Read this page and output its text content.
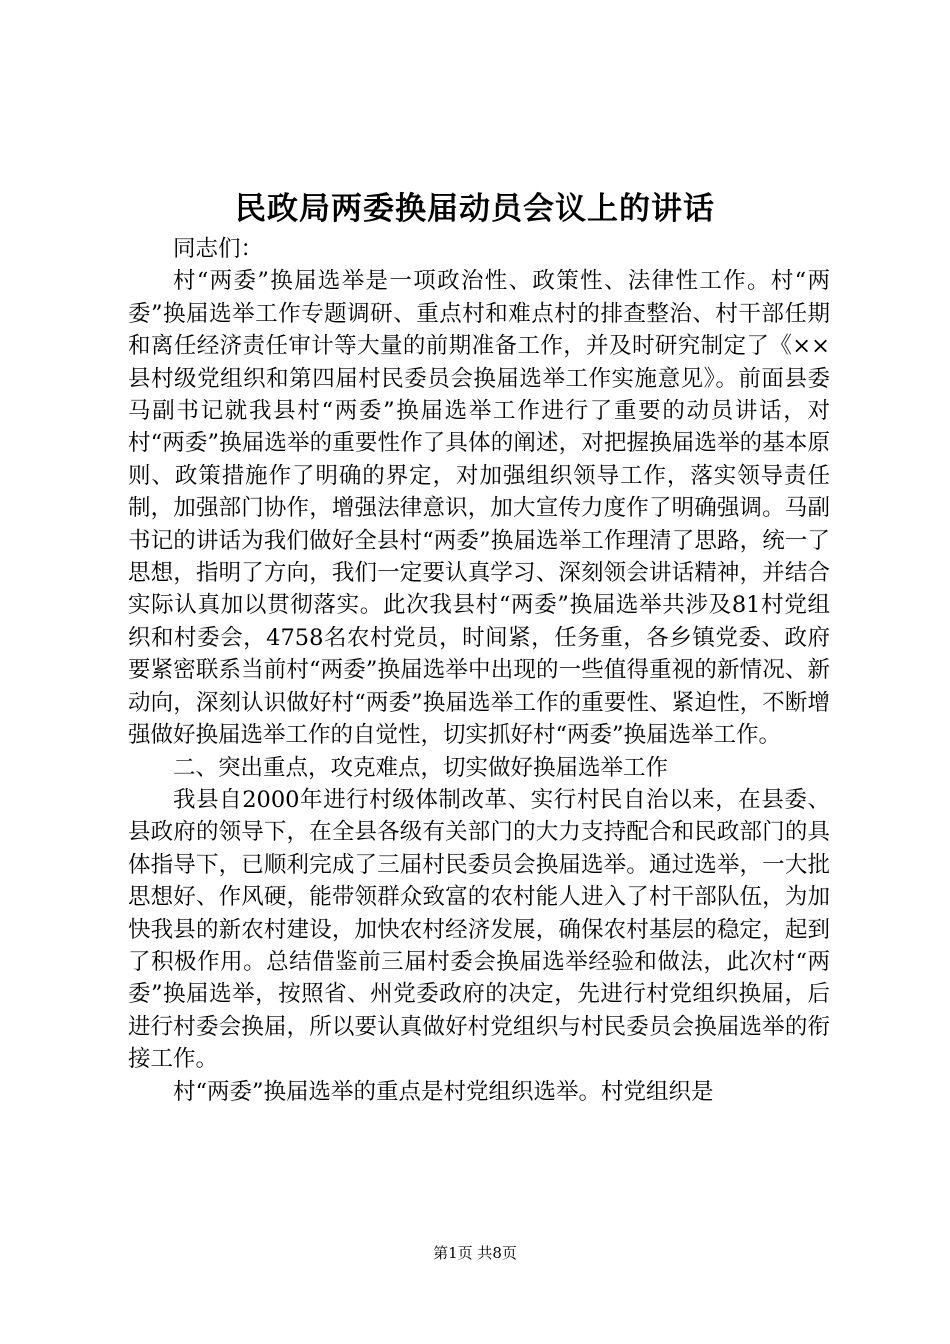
民政局两委换届动员会议上的讲话

同志们：

村“两委”换届选举是一项政治性、政策性、法律性工作。村“两委”换届选举工作专题调研、重点村和难点村的排查整治、村干部任期和离任经济责任审计等大量的前期准备工作，并及时研究制定了《××县村级党组织和第四届村民委员会换届选举工作实施意见》。前面县委马副书记就我县村“两委”换届选举工作进行了重要的动员讲话，对村“两委”换届选举的重要性作了具体的阐述，对把握换届选举的基本原则、政策措施作了明确的界定，对加强组织领导工作，落实领导责任制，加强部门协作，增强法律意识，加大宣传力度作了明确强调。马副书记的讲话为我们做好全县村“两委”换届选举工作理清了思路，统一了思想，指明了方向，我们一定要认真学习、深刻领会讲话精神，并结合实际认真加以贯彻落实。此次我县村“两委”换届选举共涉及81村党组织和村委会，4758名农村党员，时间紧，任务重，各乡镇党委、政府要紧密联系当前村“两委”换届选举中出现的一些值得重视的新情况、新动向，深刻认识做好村“两委”换届选举工作的重要性、紧迫性，不断增强做好换届选举工作的自觉性，切实抓好村“两委”换届选举工作。

二、突出重点，攻克难点，切实做好换届选举工作

我县自2000年进行村级体制改革、实行村民自治以来，在县委、县政府的领导下，在全县各级有关部门的大力支持配合和民政部门的具体指导下，已顺利完成了三届村民委员会换届选举。通过选举，一大批思想好、作风硬，能带领群众致富的农村能人进入了村干部队伍，为加快我县的新农村建设，加快农村经济发展，确保农村基层的稳定，起到了积极作用。总结借鉴前三届村委会换届选举经验和做法，此次村“两委”换届选举，按照省、州党委政府的决定，先进行村党组织换届，后进行村委会换届，所以要认真做好村党组织与村民委员会换届选举的衔接工作。

村“两委”换届选举的重点是村党组织选举。村党组织是

第1页 共8页
